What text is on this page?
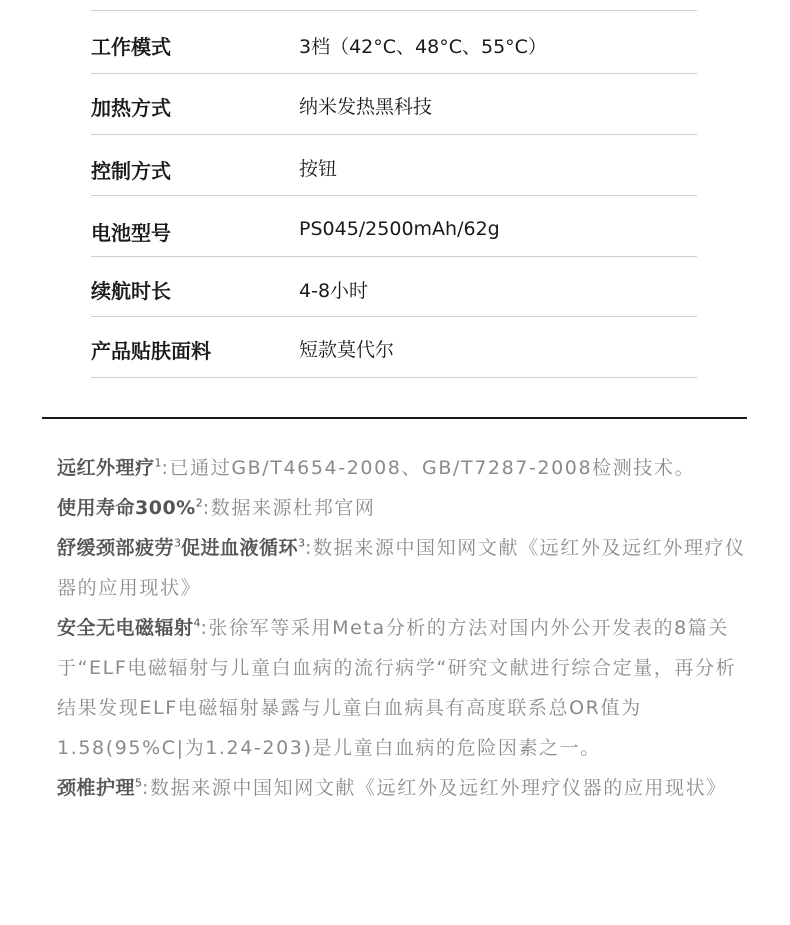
工作模式	3档（42°C、48°C、55°C）
加热方式	纳米发热黑科技
控制方式	按钮
电池型号	PS045/2500mAh/62g
续航时长	4-8小时
产品贴肤面料	短款莫代尔

远红外理疗$^1$:已通过GB/T4654-2008、GB/T7287-2008检测技术。

使用寿命300%$^2$:数据来源杜邦官网

舒缓颈部疲劳$^3$促进血液循环$^3$:数据来源中国知网文献《远红外及远红外理疗仪器的应用现状》

安全无电磁辐射$^4$:张徐军等采用Meta分析的方法对国内外公开发表的8篇关于“ELF电磁辐射与儿童白血病的流行病学“研究文献进行综合定量，再分析结果发现ELF电磁辐射暴露与儿童白血病具有高度联系总OR值为1.58(95%C|为1.24-203)是儿童白血病的危险因素之一。

颈椎护理$^5$:数据来源中国知网文献《远红外及远红外理疗仪器的应用现状》
